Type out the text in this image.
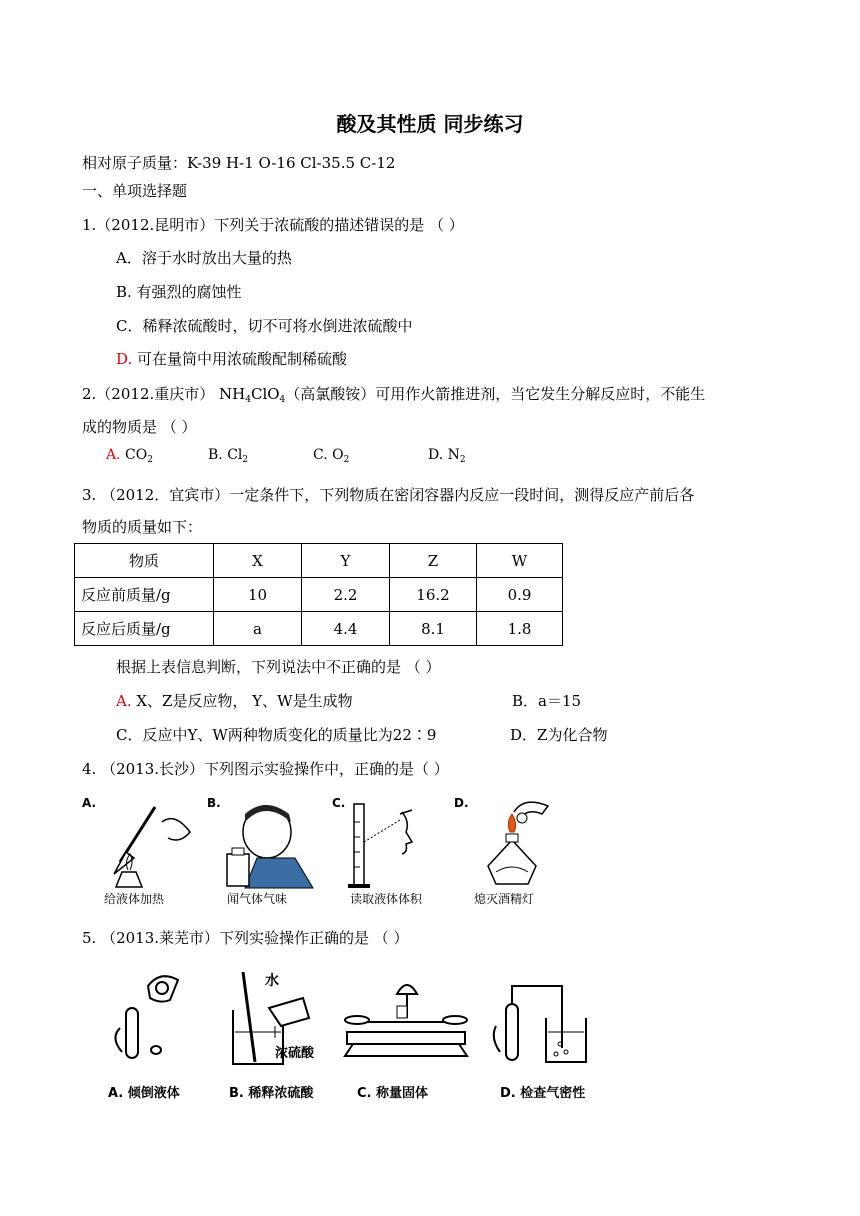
酸及其性质 同步练习
相对原子质量：K-39 H-1 O-16 Cl-35.5 C-12
一、单项选择题
1.（2012.昆明市）下列关于浓硫酸的描述错误的是 （ ）
A．溶于水时放出大量的热
B. 有强烈的腐蚀性
C．稀释浓硫酸时，切不可将水倒进浓硫酸中
D. 可在量筒中用浓硫酸配制稀硫酸
2.（2012.重庆市） $NH_4ClO_4$（高氯酸铵）可用作火箭推进剂，当它发生分解反应时，不能生
成的物质是 （ ）
A. $CO_2$	B. $Cl_2$	C. $O_2$	D. $N_2$
3. （2012．宜宾市）一定条件下，下列物质在密闭容器内反应一段时间，测得反应产前后各
物质的质量如下：
物质	X	Y	Z	W
反应前质量/g	10	2.2	16.2	0.9
反应后质量/g	a	4.4	8.1	1.8
根据上表信息判断，下列说法中不正确的是 （ ）
A. X、Z是反应物， Y、W是生成物	B．a＝15
C．反应中Y、W两种物质变化的质量比为22∶9	D．Z为化合物
4. （2013.长沙）下列图示实验操作中，正确的是（ ）
A.
给液体加热
B.
闻气体气味
C.
读取液体体积
D.
熄灭酒精灯
5. （2013.莱芜市）下列实验操作正确的是 （ ）
A. 倾倒液体
水
浓硫酸
B. 稀释浓硫酸	C. 称量固体	D. 检查气密性
